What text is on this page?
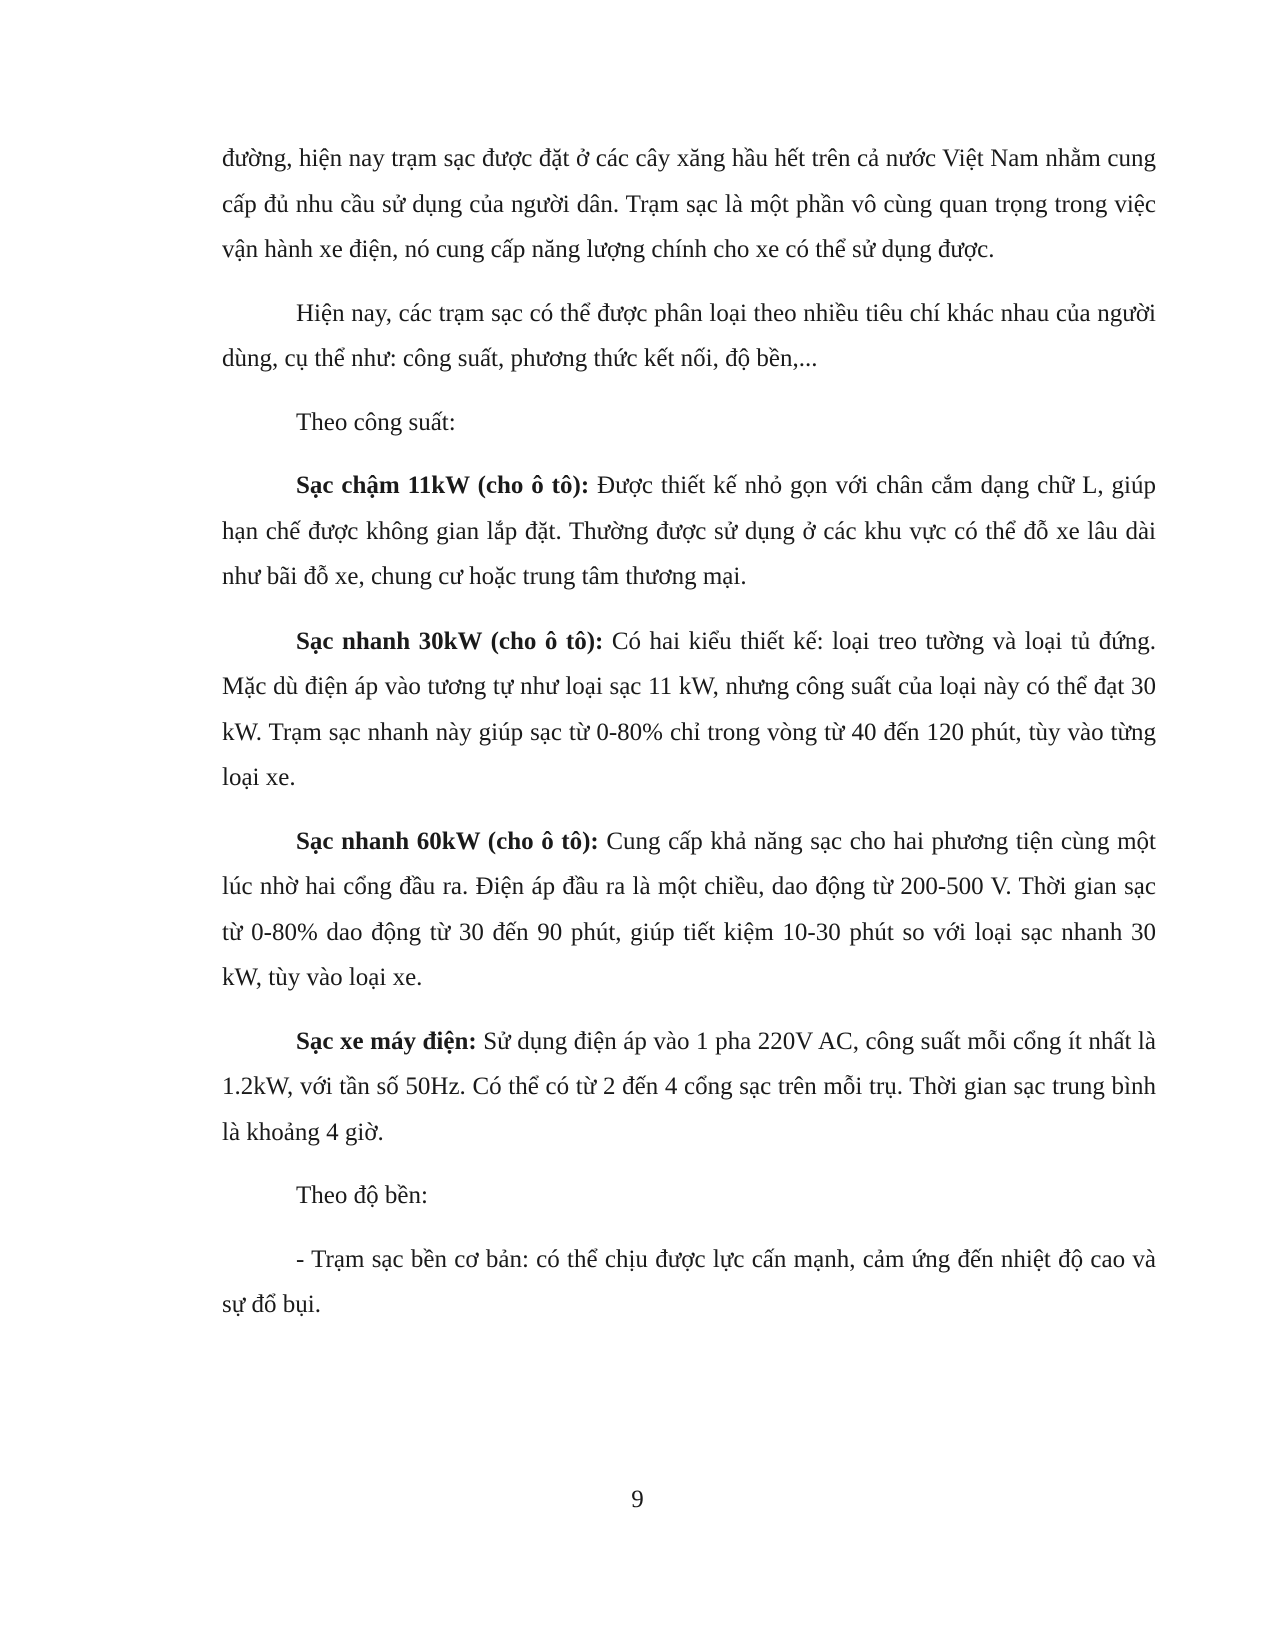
đường, hiện nay trạm sạc được đặt ở các cây xăng hầu hết trên cả nước Việt Nam nhằm cung cấp đủ nhu cầu sử dụng của người dân. Trạm sạc là một phần vô cùng quan trọng trong việc vận hành xe điện, nó cung cấp năng lượng chính cho xe có thể sử dụng được.

Hiện nay, các trạm sạc có thể được phân loại theo nhiều tiêu chí khác nhau của người dùng, cụ thể như: công suất, phương thức kết nối, độ bền,...

Theo công suất:

Sạc chậm 11kW (cho ô tô): Được thiết kế nhỏ gọn với chân cắm dạng chữ L, giúp hạn chế được không gian lắp đặt. Thường được sử dụng ở các khu vực có thể đỗ xe lâu dài như bãi đỗ xe, chung cư hoặc trung tâm thương mại.

Sạc nhanh 30kW (cho ô tô): Có hai kiểu thiết kế: loại treo tường và loại tủ đứng. Mặc dù điện áp vào tương tự như loại sạc 11 kW, nhưng công suất của loại này có thể đạt 30 kW. Trạm sạc nhanh này giúp sạc từ 0-80% chỉ trong vòng từ 40 đến 120 phút, tùy vào từng loại xe.

Sạc nhanh 60kW (cho ô tô): Cung cấp khả năng sạc cho hai phương tiện cùng một lúc nhờ hai cổng đầu ra. Điện áp đầu ra là một chiều, dao động từ 200-500 V. Thời gian sạc từ 0-80% dao động từ 30 đến 90 phút, giúp tiết kiệm 10-30 phút so với loại sạc nhanh 30 kW, tùy vào loại xe.

Sạc xe máy điện: Sử dụng điện áp vào 1 pha 220V AC, công suất mỗi cổng ít nhất là 1.2kW, với tần số 50Hz. Có thể có từ 2 đến 4 cổng sạc trên mỗi trụ. Thời gian sạc trung bình là khoảng 4 giờ.

Theo độ bền:

- Trạm sạc bền cơ bản: có thể chịu được lực cấn mạnh, cảm ứng đến nhiệt độ cao và sự đổ bụi.

9
